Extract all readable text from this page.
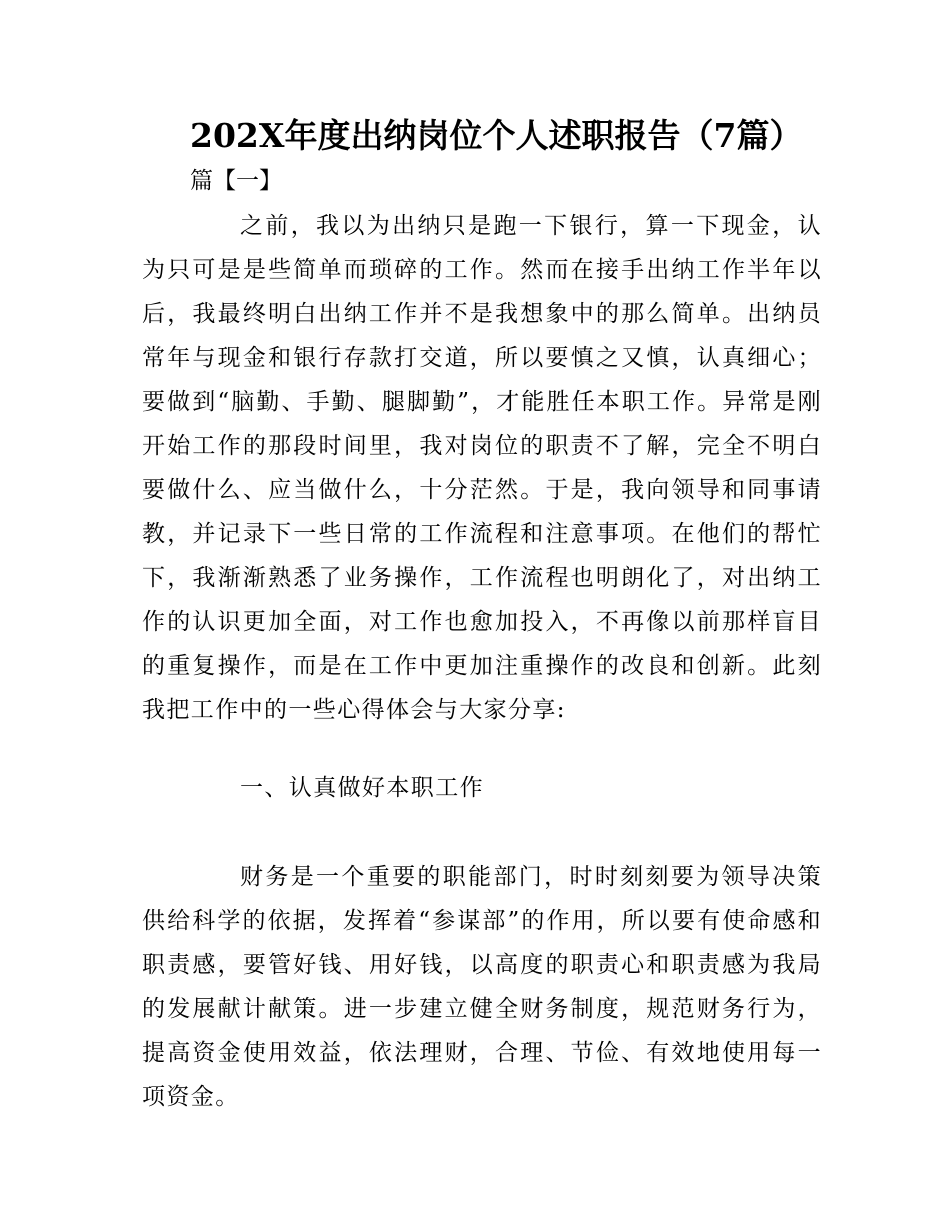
202X年度出纳岗位个人述职报告（7篇）
篇【一】

之前，我以为出纳只是跑一下银行，算一下现金，认为只可是是些简单而琐碎的工作。然而在接手出纳工作半年以后，我最终明白出纳工作并不是我想象中的那么简单。出纳员常年与现金和银行存款打交道，所以要慎之又慎，认真细心；要做到“脑勤、手勤、腿脚勤”，才能胜任本职工作。异常是刚开始工作的那段时间里，我对岗位的职责不了解，完全不明白要做什么、应当做什么，十分茫然。于是，我向领导和同事请教，并记录下一些日常的工作流程和注意事项。在他们的帮忙下，我渐渐熟悉了业务操作，工作流程也明朗化了，对出纳工作的认识更加全面，对工作也愈加投入，不再像以前那样盲目的重复操作，而是在工作中更加注重操作的改良和创新。此刻我把工作中的一些心得体会与大家分享:

一、认真做好本职工作

财务是一个重要的职能部门，时时刻刻要为领导决策供给科学的依据，发挥着“参谋部”的作用，所以要有使命感和职责感，要管好钱、用好钱，以高度的职责心和职责感为我局的发展献计献策。进一步建立健全财务制度，规范财务行为，提高资金使用效益，依法理财，合理、节俭、有效地使用每一项资金。
